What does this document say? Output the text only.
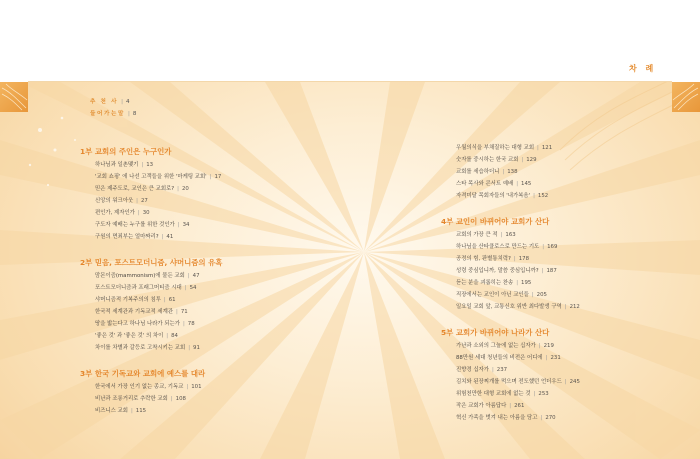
차 례
추 천 사 | 4
들어가는말 | 8
1부 교회의 주인은 누구인가
하나님과 일촌맺기 | 13
'교회 쇼핑' 에 나선 고객들을 위한 '마케팅 교회' | 17
믿은 제주도로, 교인은 큰 교회로? | 20
신앙의 워크아웃 | 27
편인가, 제자인가 | 30
구도자 예배는 누구를 위한 것인가 | 34
구원의 면죄부는 얼마짜리? | 41
2부 믿음, 포스트모더니즘, 샤머니즘의 유혹
맘몬이즘(mammonism)에 물든 교회 | 47
포스트모더니즘과 프래그머티즘 시대 | 54
샤머니즘적 기복주의의 침투 | 61
한국적 세계관과 기독교적 세계관 | 71
땅을 밟는다고 하나님 나라가 되는가 | 78
'좋은 것' 과 '좋은 것' 의 차이 | 84
차이를 차별과 갈등로 고착시키는 교회 | 91
3부 한국 기독교와 교회에 예스를 대라
한국에서 가장 인기 없는 종교, 기독교 | 101
비난과 조롱거리로 추락한 교회 | 108
비즈니스 교회 | 115
우월의식을 부채질하는 대형 교회 | 121
숫자를 중시하는 한국 교회 | 129
교회를 세습하더니 | 138
스타 목사와 콘서트 예배 | 145
자격미달 목회자들의 '내가복음' | 152
4부 교인이 바뀌어야 교회가 산다
교회의 가장 큰 적 | 163
하나님을 산타클로스로 만드는 기도 | 169
공정의 힘, 판별통치력? | 178
성령 중심입니까, 말씀 중심입니까? | 187
듣는 분을 괴롭히는 찬송 | 195
직장에서는 교인이 아닌 교인들 | 205
일요일 교회 앞, 교통신호 위반 최다발생 구역 | 212
5부 교회가 바뀌어야 나라가 산다
가난과 소외의 그늘에 없는 십자가 | 219
88만원 세대 청년들의 비전은 어디에 | 231
진향경 십자가 | 237
김치와 된장찌개를 먹으며 전도했던 언더우드 | 245
위험천만한 대형 교회에 없는 것 | 253
작은 교회가 아름답다 | 261
혁신 가족을 벗겨 내는 아름을 담고 | 270
